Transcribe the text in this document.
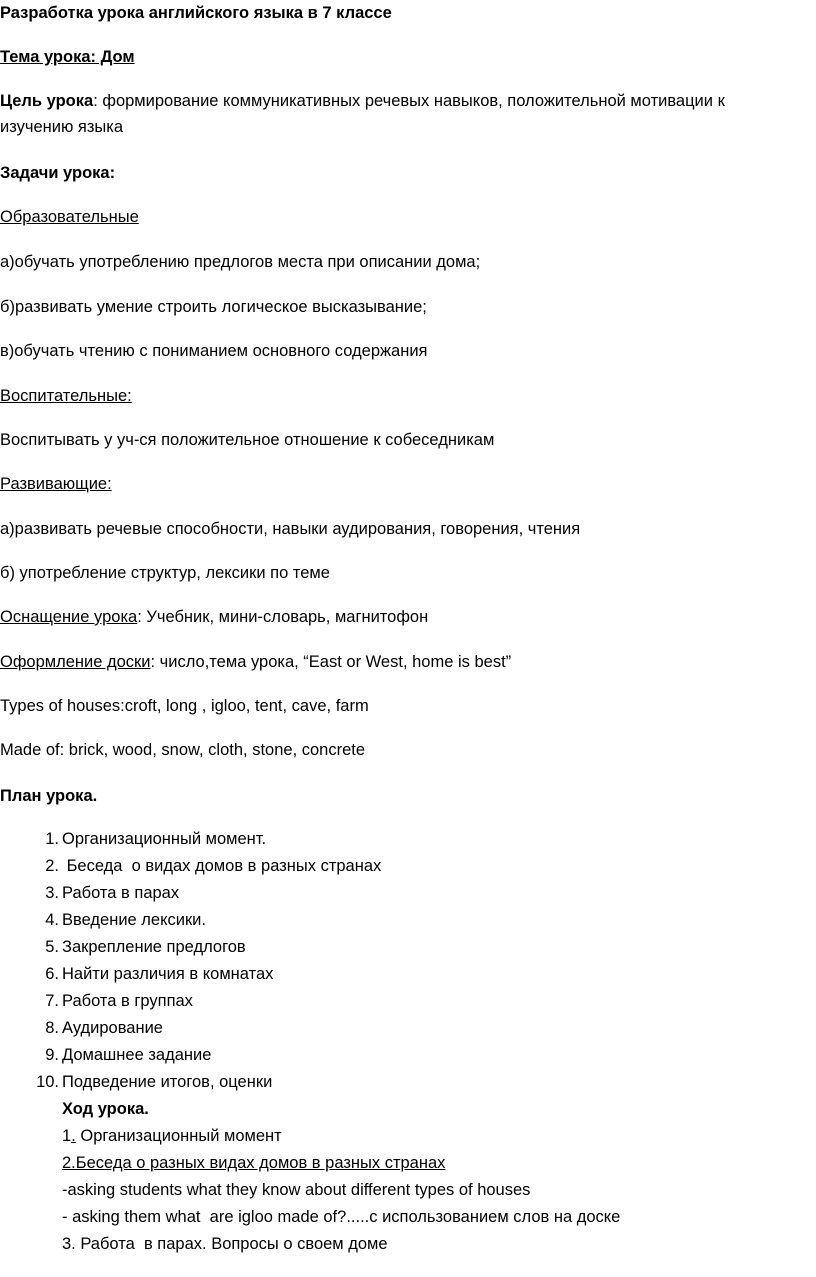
Разработка урока английского языка в 7 классе
Тема урока: Дом
Цель урока: формирование коммуникативных речевых навыков, положительной мотивации к изучению языка
Задачи урока:
Образовательные
а)обучать употреблению предлогов места при описании дома;
б)развивать умение строить логическое высказывание;
в)обучать чтению с пониманием основного содержания
Воспитательные:
Воспитывать у уч-ся положительное отношение к собеседникам
Развивающие:
а)развивать речевые способности, навыки аудирования, говорения, чтения
б) употребление структур, лексики по теме
Оснащение урока: Учебник, мини-словарь, магнитофон
Оформление доски: число,тема урока, “East or West, home is best”
Types of houses:croft, long , igloo, tent, cave, farm
Made of: brick, wood, snow, cloth, stone, concrete
План урока.
1. Организационный момент.
2. Беседа  о видах домов в разных странах
3. Работа в парах
4. Введение лексики.
5. Закрепление предлогов
6. Найти различия в комнатах
7. Работа в группах
8. Аудирование
9. Домашнее задание
10. Подведение итогов, оценки
Ход урока.
1. Организационный момент
2.Беседа о разных видах домов в разных странах
-asking students what they know about different types of houses
- asking them what  are igloo made of?.....с использованием слов на доске
3. Работа  в парах. Вопросы о своем доме
